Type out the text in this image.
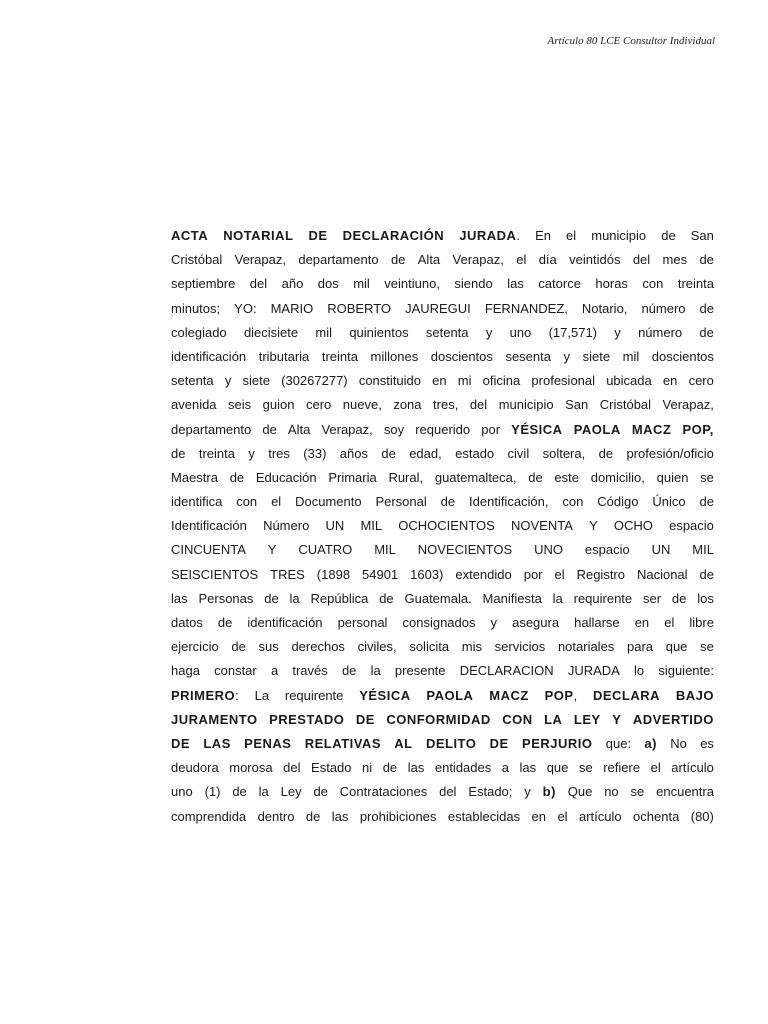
Artículo 80 LCE Consultor Individual
ACTA NOTARIAL DE DECLARACIÓN JURADA. En el municipio de San
Cristóbal Verapaz, departamento de Alta Verapaz, el día veintidós del mes de
septiembre del año dos mil veintiuno, siendo las catorce horas con treinta
minutos; YO: MARIO ROBERTO JAUREGUI FERNANDEZ, Notario, número de
colegiado diecisiete mil quinientos setenta y uno (17,571) y número de
identificación tributaria treinta millones doscientos sesenta y siete mil doscientos
setenta y siete (30267277) constituido en mi oficina profesional ubicada en cero
avenida seis guion cero nueve, zona tres, del municipio San Cristóbal Verapaz,
departamento de Alta Verapaz, soy requerido por YÉSICA PAOLA MACZ POP,
de treinta y tres (33) años de edad, estado civil soltera, de profesión/oficio
Maestra de Educación Primaria Rural, guatemalteca, de este domicilio, quien se
identifica con el Documento Personal de Identificación, con Código Único de
Identificación Número UN MIL OCHOCIENTOS NOVENTA Y OCHO espacio
CINCUENTA Y CUATRO MIL NOVECIENTOS UNO espacio UN MIL
SEISCIENTOS TRES (1898 54901 1603) extendido por el Registro Nacional de
las Personas de la República de Guatemala. Manifiesta la requirente ser de los
datos de identificación personal consignados y asegura hallarse en el libre
ejercicio de sus derechos civiles, solicita mis servicios notariales para que se
haga constar a través de la presente DECLARACION JURADA lo siguiente:
PRIMERO: La requirente YÉSICA PAOLA MACZ POP, DECLARA BAJO
JURAMENTO PRESTADO DE CONFORMIDAD CON LA LEY Y ADVERTIDO
DE LAS PENAS RELATIVAS AL DELITO DE PERJURIO que: a) No es
deudora morosa del Estado ni de las entidades a las que se refiere el artículo
uno (1) de la Ley de Contrataciones del Estado; y b) Que no se encuentra
comprendida dentro de las prohibiciones establecidas en el artículo ochenta (80)
